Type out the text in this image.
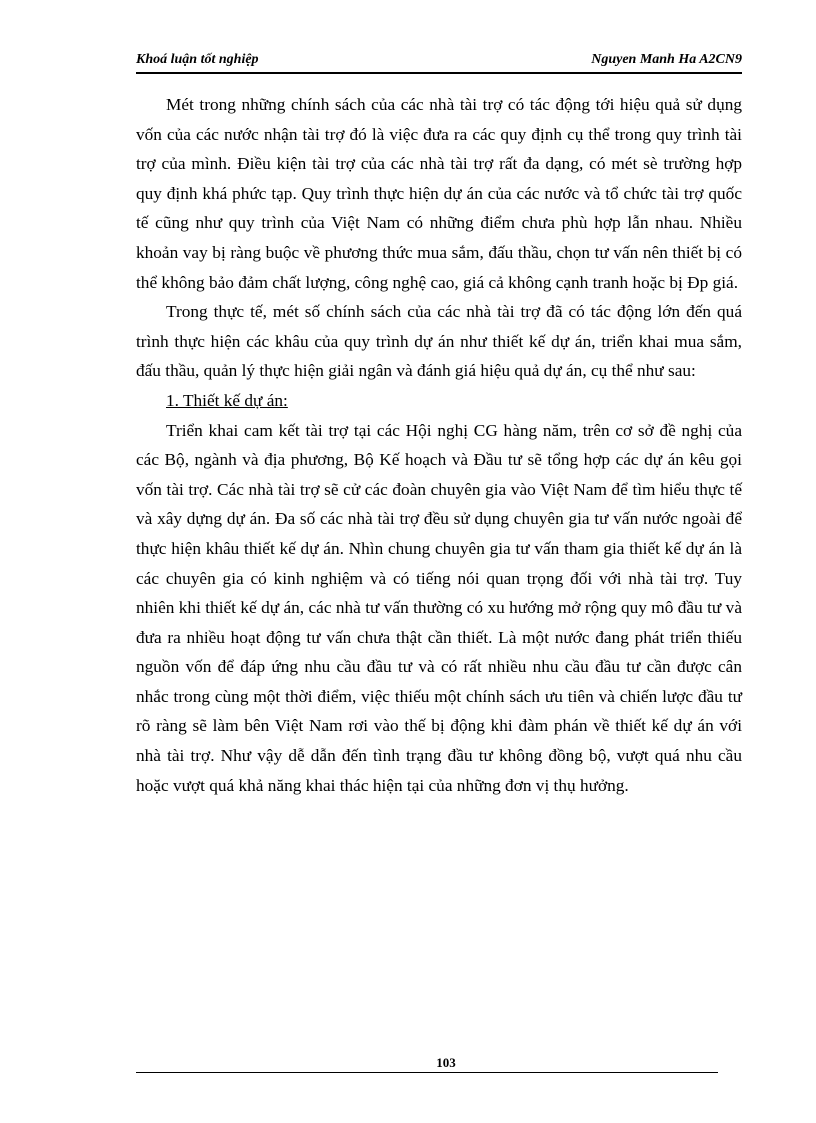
Khoá luận tốt nghiệp	Nguyen Manh Ha A2CN9

Mét trong những chính sách của các nhà tài trợ có tác động tới hiệu quả sử dụng vốn của các nước nhận tài trợ đó là việc đưa ra các quy định cụ thể trong quy trình tài trợ của mình. Điều kiện tài trợ của các nhà tài trợ rất đa dạng, có mét sè trường hợp quy định khá phức tạp. Quy trình thực hiện dự án của các nước và tổ chức tài trợ quốc tế cũng như quy trình của Việt Nam có những điểm chưa phù hợp lẫn nhau. Nhiều khoản vay bị ràng buộc về phương thức mua sắm, đấu thầu, chọn tư vấn nên thiết bị có thể không bảo đảm chất lượng, công nghệ cao, giá cả không cạnh tranh hoặc bị Ðp giá.

Trong thực tế, mét số chính sách của các nhà tài trợ đã có tác động lớn đến quá trình thực hiện các khâu của quy trình dự án như thiết kế dự án, triển khai mua sắm, đấu thầu, quản lý thực hiện giải ngân và đánh giá hiệu quả dự án, cụ thể như sau:

1. Thiết kế dự án:

Triển khai cam kết tài trợ tại các Hội nghị CG hàng năm, trên cơ sở đề nghị của các Bộ, ngành và địa phương, Bộ Kế hoạch và Đầu tư sẽ tổng hợp các dự án kêu gọi vốn tài trợ. Các nhà tài trợ sẽ cử các đoàn chuyên gia vào Việt Nam để tìm hiểu thực tế và xây dựng dự án. Đa số các nhà tài trợ đều sử dụng chuyên gia tư vấn nước ngoài để thực hiện khâu thiết kế dự án. Nhìn chung chuyên gia tư vấn tham gia thiết kế dự án là các chuyên gia có kinh nghiệm và có tiếng nói quan trọng đối với nhà tài trợ. Tuy nhiên khi thiết kế dự án, các nhà tư vấn thường có xu hướng mở rộng quy mô đầu tư và đưa ra nhiều hoạt động tư vấn chưa thật cần thiết. Là một nước đang phát triển thiếu nguồn vốn để đáp ứng nhu cầu đầu tư và có rất nhiều nhu cầu đầu tư cần được cân nhắc trong cùng một thời điểm, việc thiếu một chính sách ưu tiên và chiến lược đầu tư rõ ràng sẽ làm bên Việt Nam rơi vào thế bị động khi đàm phán về thiết kế dự án với nhà tài trợ. Như vậy dễ dẫn đến tình trạng đầu tư không đồng bộ, vượt quá nhu cầu hoặc vượt quá khả năng khai thác hiện tại của những đơn vị thụ hưởng.

103
